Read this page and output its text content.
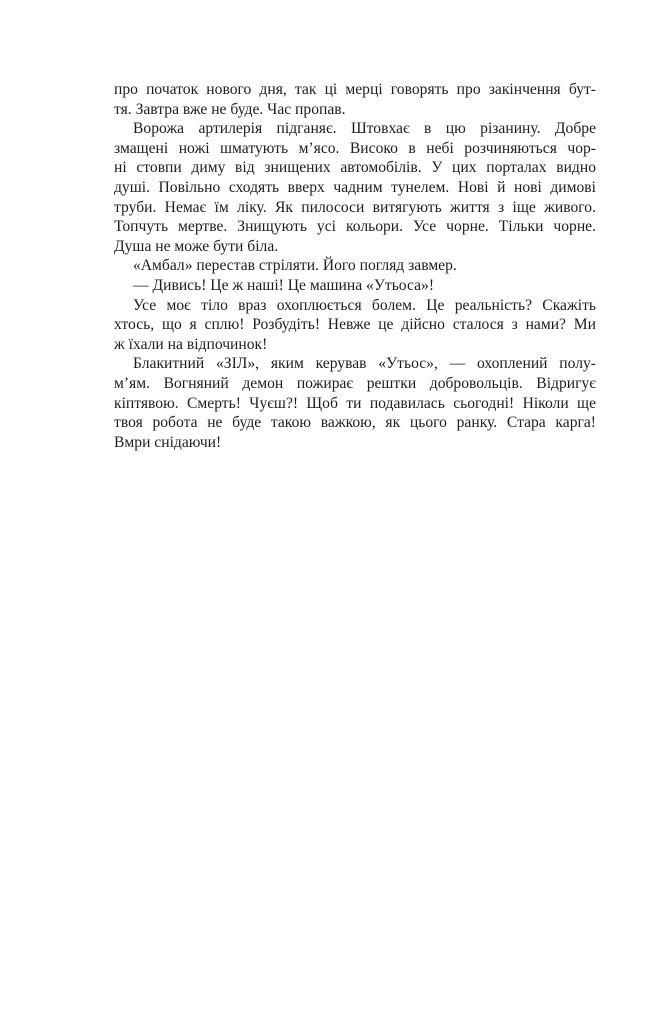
про початок нового дня, так ці мерці говорять про закінчення бут-
тя. Завтра вже не буде. Час пропав.

Ворожа артилерія підганяє. Штовхає в цю різанину. Добре
змащені ножі шматують м’ясо. Високо в небі розчиняються чор-
ні стовпи диму від знищених автомобілів. У цих порталах видно
душі. Повільно сходять вверх чадним тунелем. Нові й нові димові
труби. Немає їм ліку. Як пилососи витягують життя з іще живого.
Топчуть мертве. Знищують усі кольори. Усе чорне. Тільки чорне.
Душа не може бути біла.

«Амбал» перестав стріляти. Його погляд завмер.

— Дивись! Це ж наші! Це машина «Утьоса»!

Усе моє тіло враз охоплюється болем. Це реальність? Скажіть
хтось, що я сплю! Розбудіть! Невже це дійсно сталося з нами? Ми
ж їхали на відпочинок!

Блакитний «ЗІЛ», яким керував «Утьос», — охоплений полу-
м’ям. Вогняний демон пожирає рештки добровольців. Відригує
кіптявою. Смерть! Чуєш?! Щоб ти подавилась сьогодні! Ніколи ще
твоя робота не буде такою важкою, як цього ранку. Стара карга!
Вмри снідаючи!
